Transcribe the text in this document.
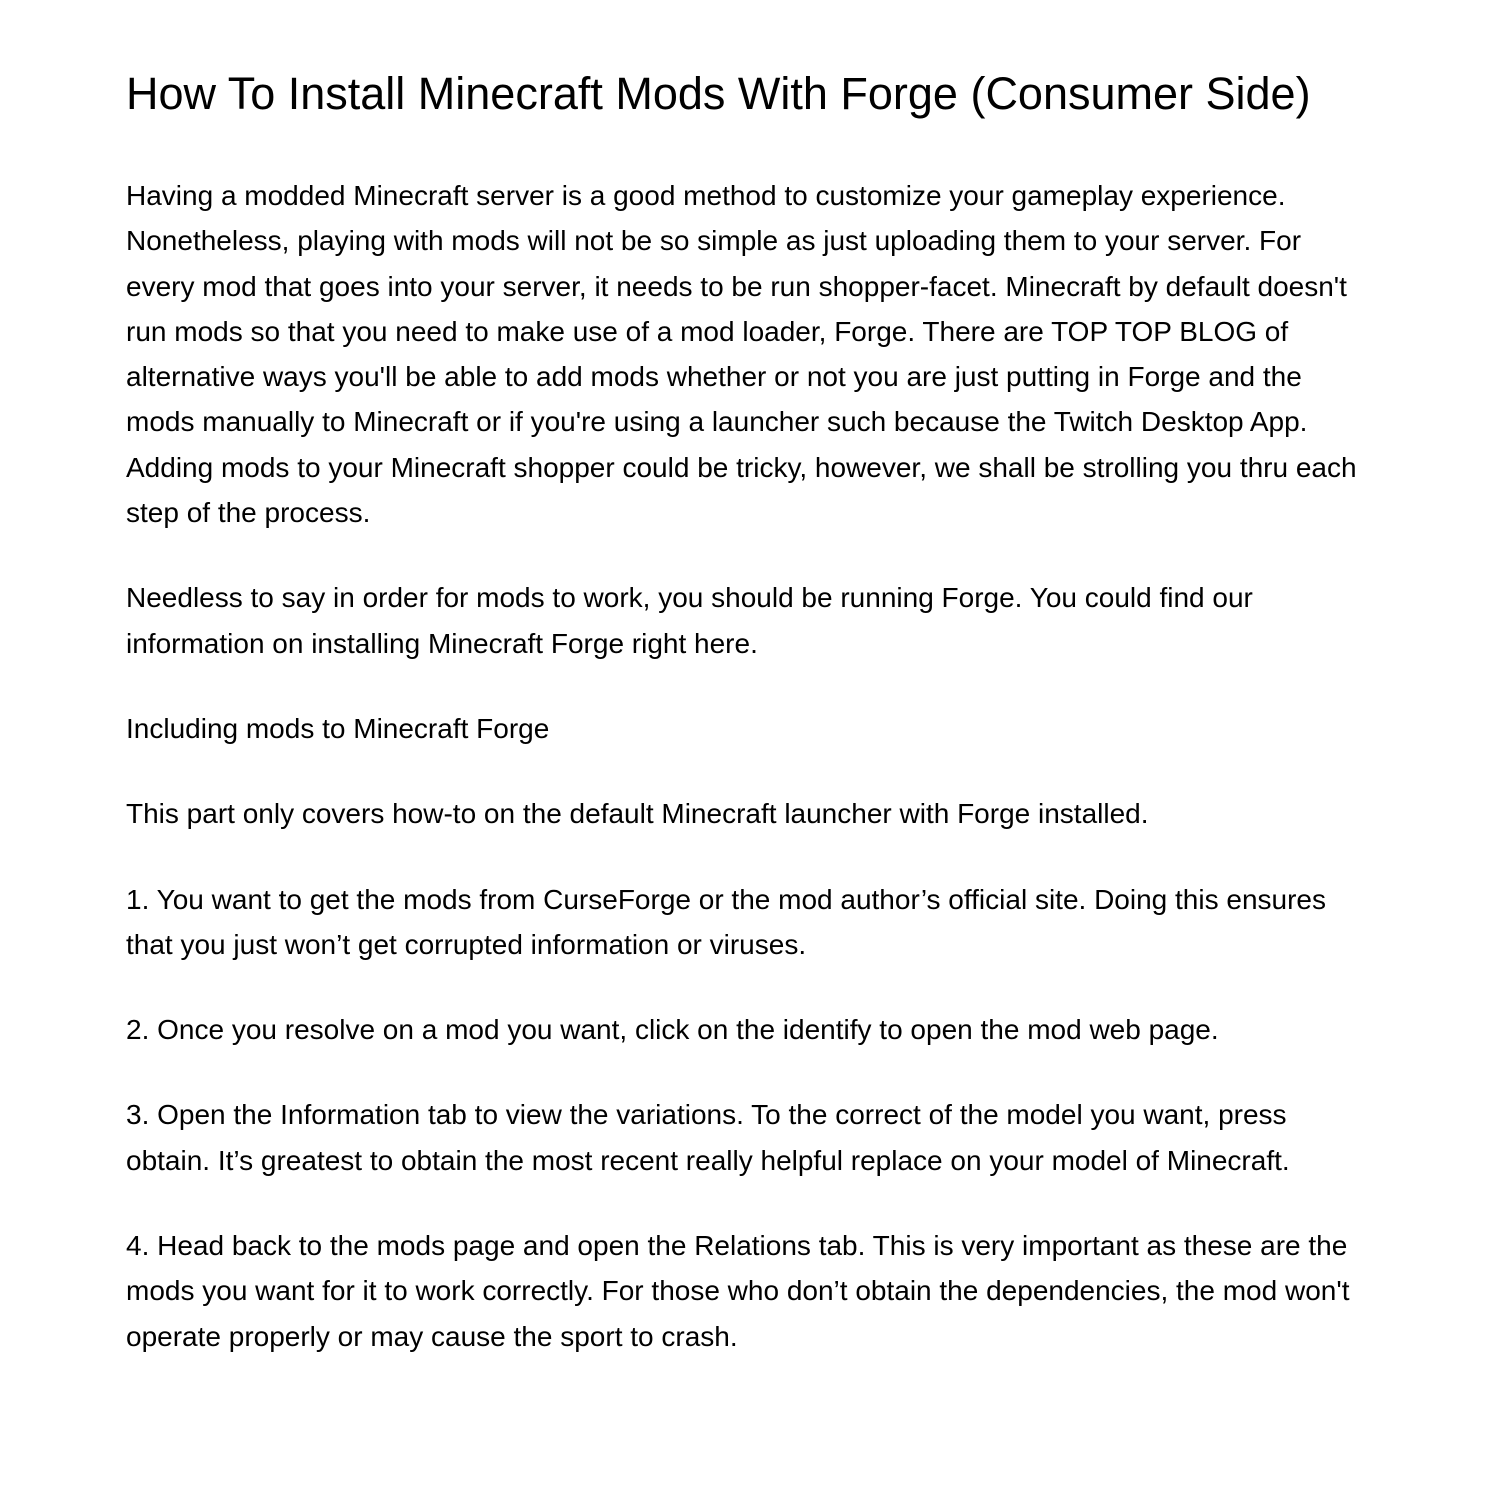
How To Install Minecraft Mods With Forge (Consumer Side)

Having a modded Minecraft server is a good method to customize your gameplay experience. Nonetheless, playing with mods will not be so simple as just uploading them to your server. For every mod that goes into your server, it needs to be run shopper-facet. Minecraft by default doesn't run mods so that you need to make use of a mod loader, Forge. There are TOP TOP BLOG of alternative ways you'll be able to add mods whether or not you are just putting in Forge and the mods manually to Minecraft or if you're using a launcher such because the Twitch Desktop App. Adding mods to your Minecraft shopper could be tricky, however, we shall be strolling you thru each step of the process.

Needless to say in order for mods to work, you should be running Forge. You could find our information on installing Minecraft Forge right here.

Including mods to Minecraft Forge

This part only covers how-to on the default Minecraft launcher with Forge installed.

1. You want to get the mods from CurseForge or the mod author’s official site. Doing this ensures that you just won’t get corrupted information or viruses.

2. Once you resolve on a mod you want, click on the identify to open the mod web page.

3. Open the Information tab to view the variations. To the correct of the model you want, press obtain. It’s greatest to obtain the most recent really helpful replace on your model of Minecraft.

4. Head back to the mods page and open the Relations tab. This is very important as these are the mods you want for it to work correctly. For those who don’t obtain the dependencies, the mod won't operate properly or may cause the sport to crash.
